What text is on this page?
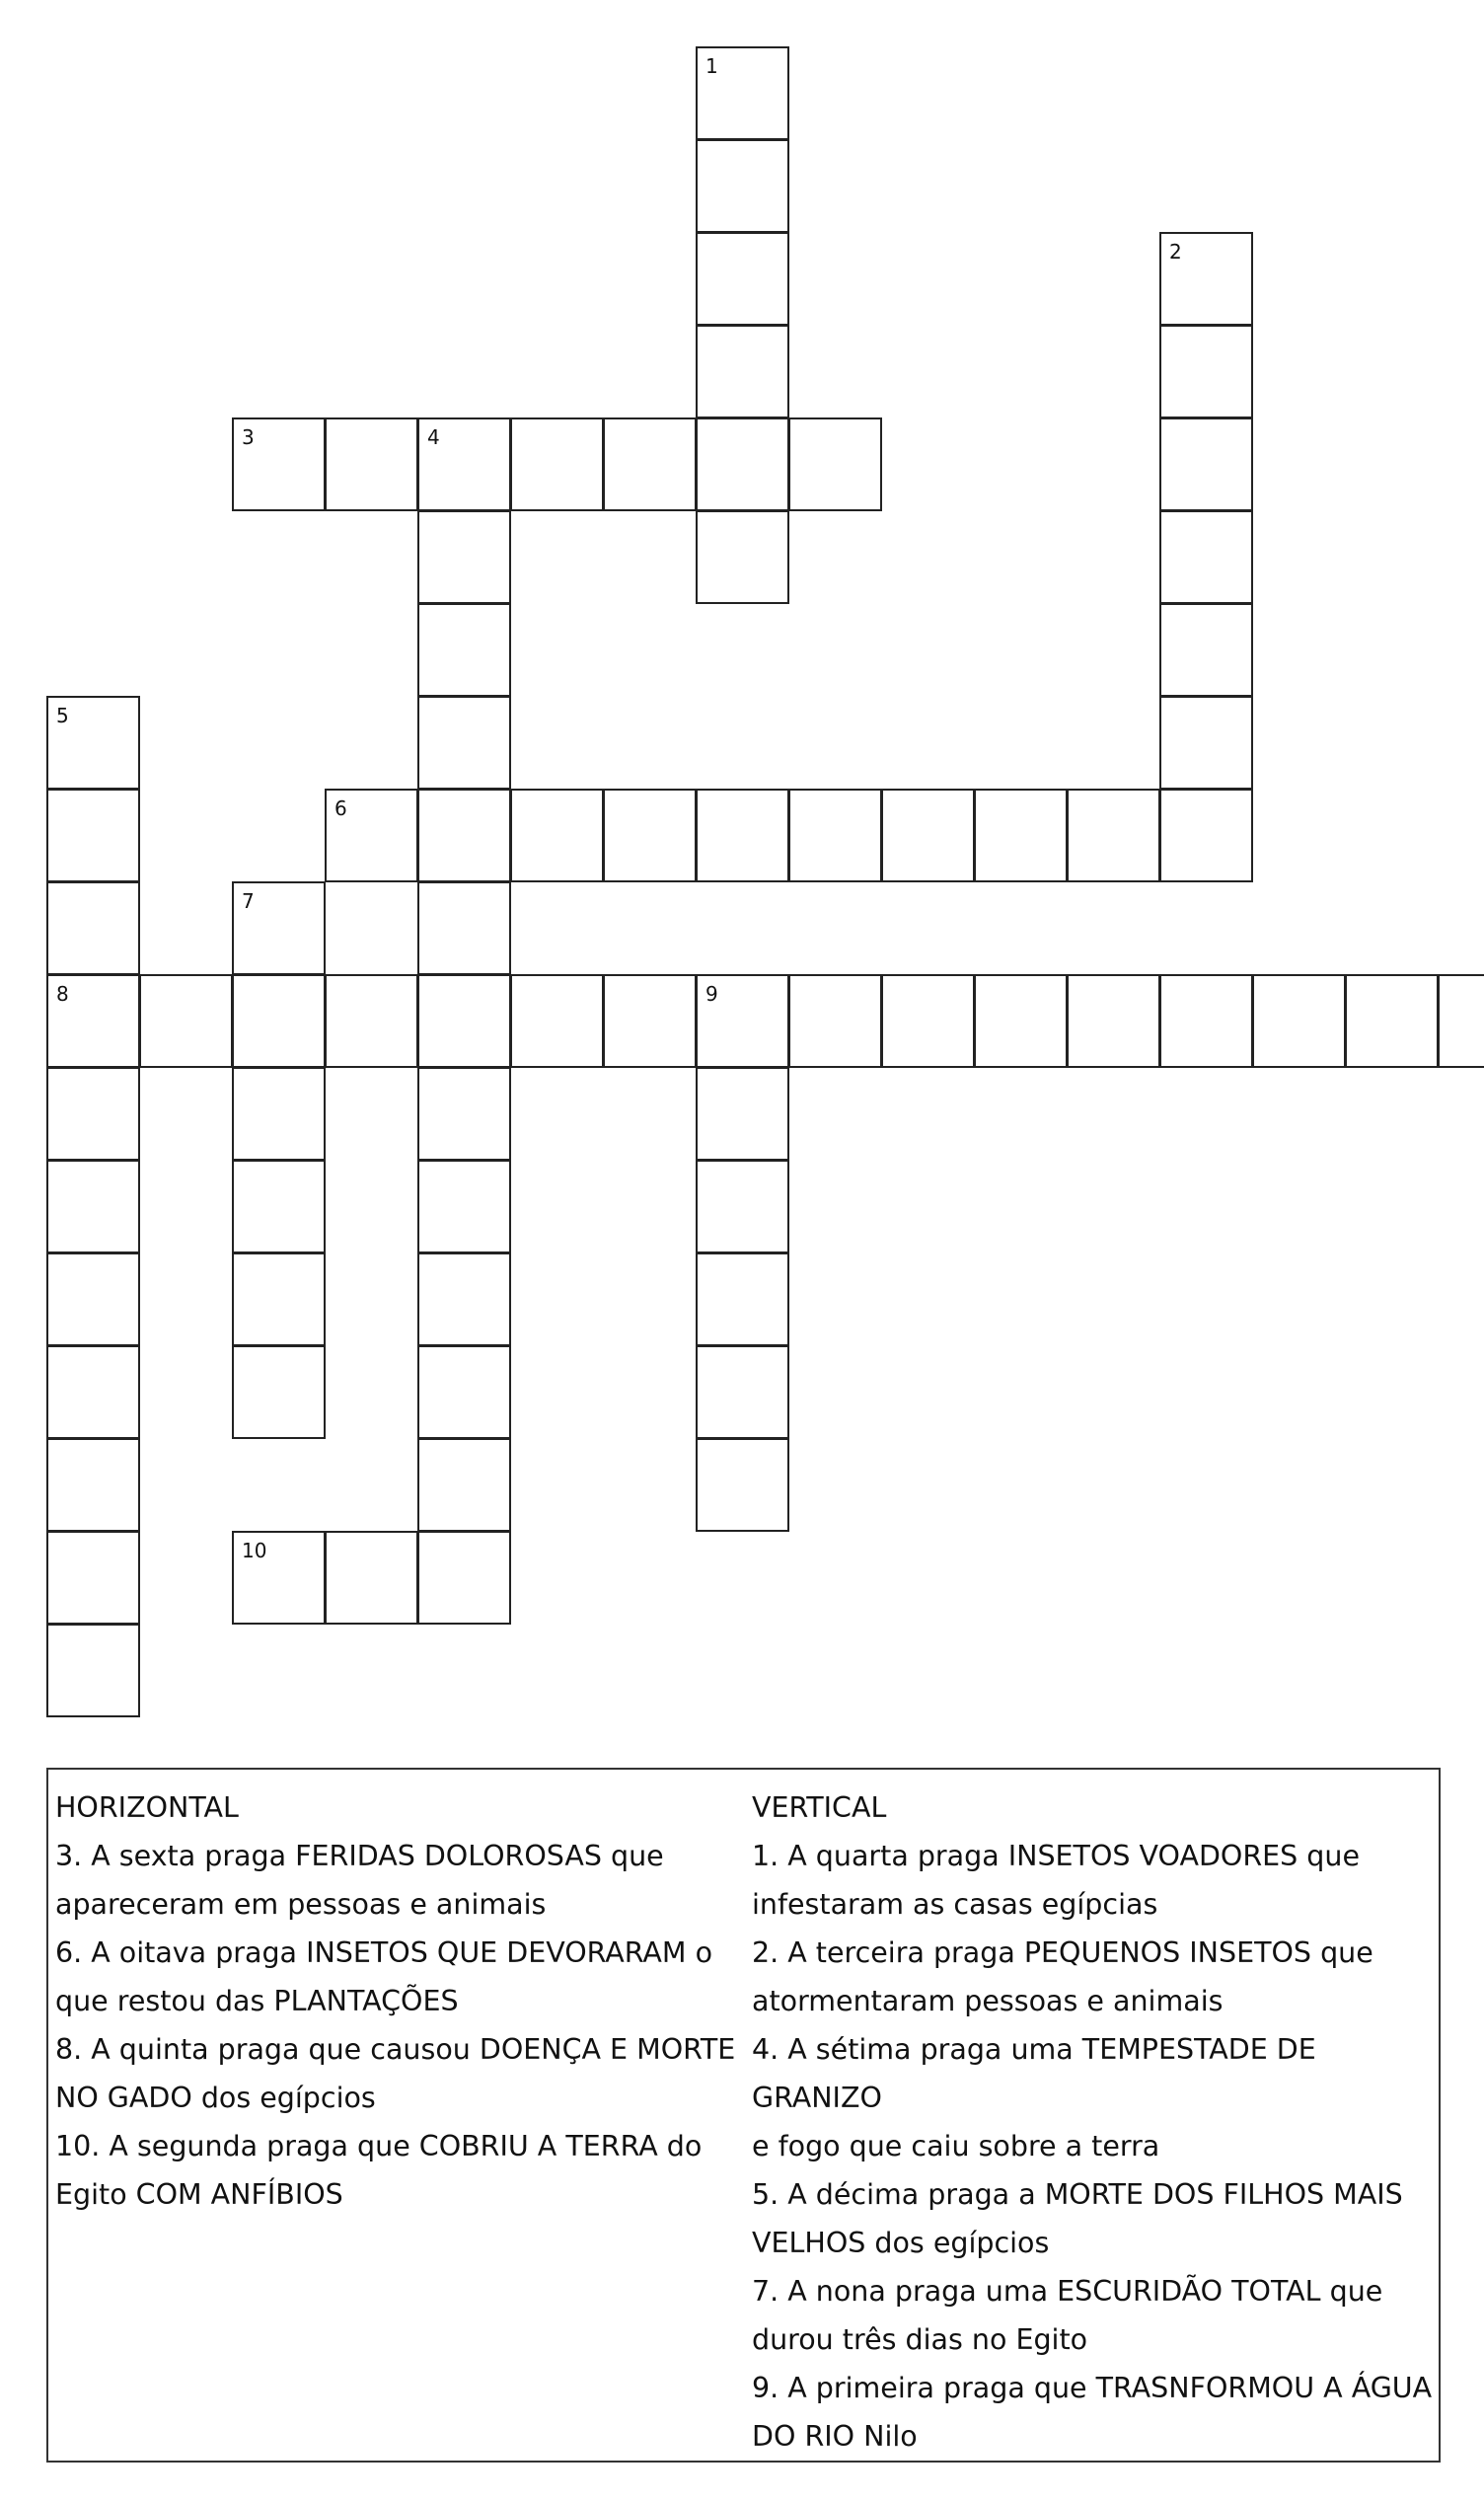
1
2
3	4
5
8
6
7
9
10
HORIZONTAL
3. A sexta praga FERIDAS DOLOROSAS que
apareceram em pessoas e animais
6. A oitava praga INSETOS QUE DEVORARAM o
que restou das PLANTAÇÕES
8. A quinta praga que causou DOENÇA E MORTE
NO GADO dos egípcios
10. A segunda praga que COBRIU A TERRA do
Egito COM ANFÍBIOS
VERTICAL
1. A quarta praga INSETOS VOADORES que
infestaram as casas egípcias
2. A terceira praga PEQUENOS INSETOS que
atormentaram pessoas e animais
4. A sétima praga uma TEMPESTADE DE GRANIZO
e fogo que caiu sobre a terra
5. A décima praga a MORTE DOS FILHOS MAIS
VELHOS dos egípcios
7. A nona praga uma ESCURIDÃO TOTAL que
durou três dias no Egito
9. A primeira praga que TRASNFORMOU A ÁGUA
DO RIO Nilo
